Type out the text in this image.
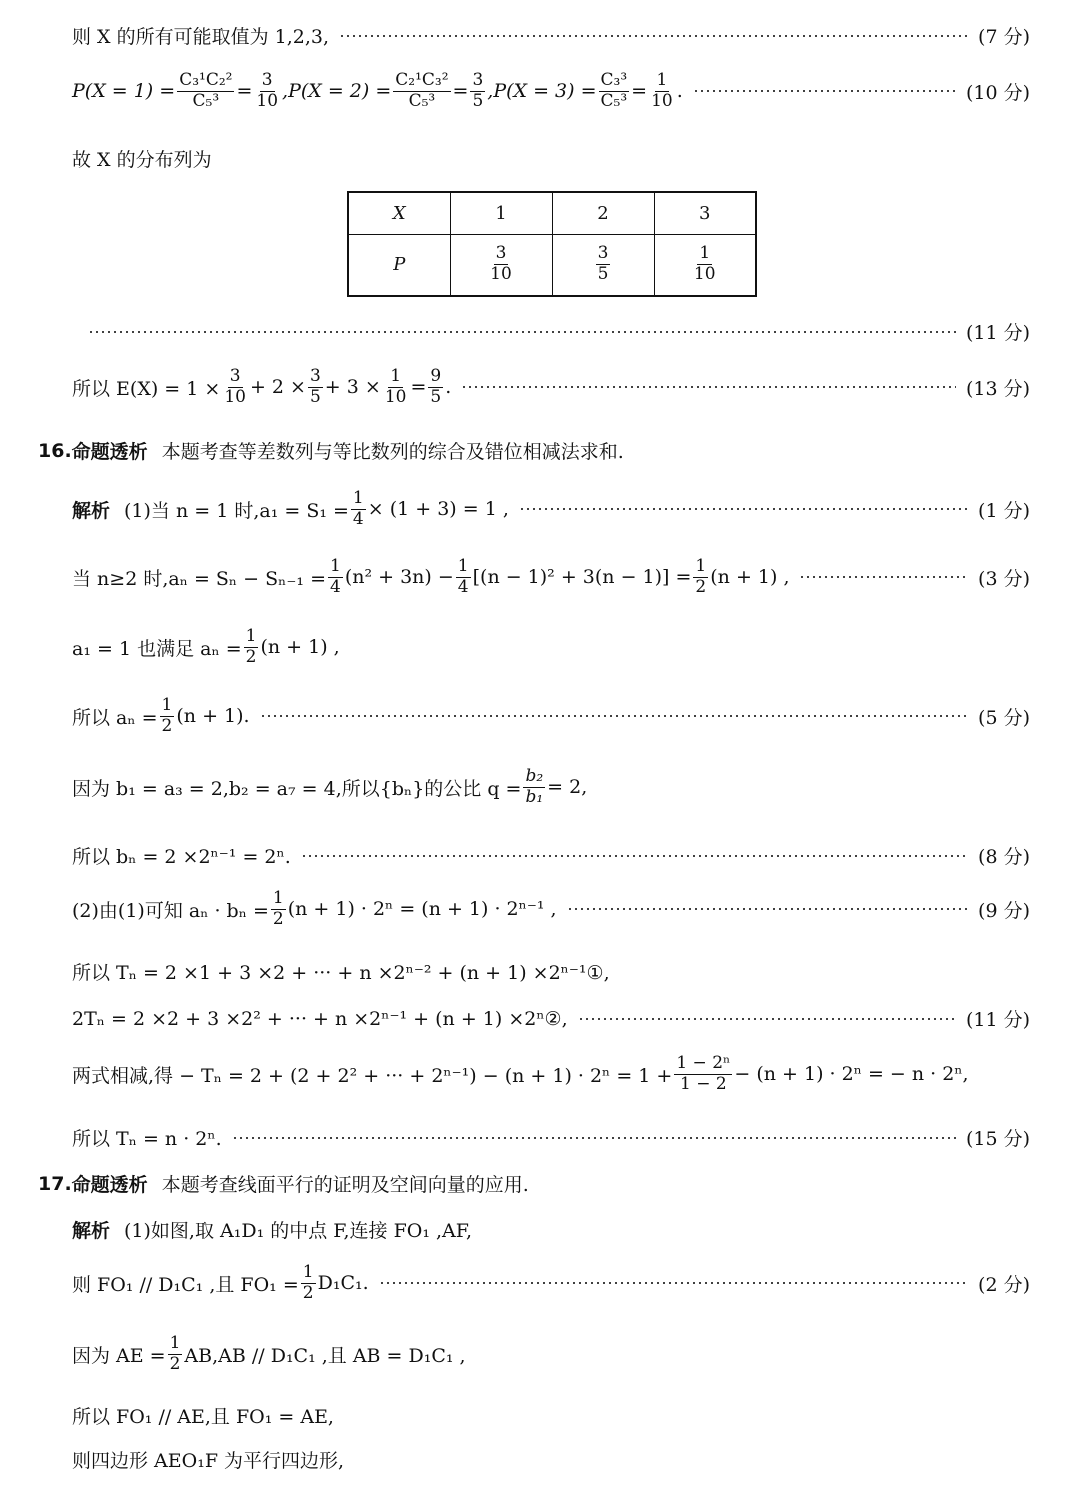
则 X 的所有可能取值为 1,2,3,	(7 分)
$P(X = 1) = \frac{\text{C₃¹C₂²}}{\text{C₅³}} = \frac{3}{10} ,P(X = 2) = \frac{\text{C₂¹C₃²}}{\text{C₅³}} = \frac{3}{5} ,P(X = 3) = \frac{\text{C₃³}}{\text{C₅³}} = \frac{1}{10}$ .	(10 分)
故 X 的分布列为
X	1	2	3
P	$\frac{3}{10}$	$\frac{3}{5}$	$\frac{1}{10}$
(11 分)
所以 $E(X) = 1 \times \frac{3}{10} + 2 \times \frac{3}{5} + 3 \times \frac{1}{10} = \frac{9}{5}$ .	(13 分)
16. 命题透析 本题考查等差数列与等比数列的综合及错位相减法求和.
解析 (1)当 n = 1 时$,a_1 = S_1 = \frac{1}{4} \times (1 + 3) = 1$ ,	(1 分)
当 n≥2 时$,a_n = S_n - S_{n-1} = \frac{1}{4} (n^2 + 3n) - \frac{1}{4} [(n - 1)^2 + 3(n - 1)] = \frac{1}{2} (n + 1)$ ,	(3 分)
a₁ = 1 也满足 $a_n = \frac{1}{2} (n + 1)$ ,
所以 $a_n = \frac{1}{2} (n + 1)$.	(5 分)
因为 b₁ = a₃ = 2,b₂ = a₇ = 4,所以{bₙ}的公比 $q = \frac{\text{b₂}}{\text{b₁}} = 2$,
所以 bₙ = 2 ×2ⁿ⁻¹ = 2ⁿ.	(8 分)
(2)由(1)可知 $a_n \cdot b_n = \frac{1}{2} (n + 1) \cdot 2^n = (n + 1) \cdot 2^{n-1}$ ,	(9 分)
所以 Tₙ = 2 ×1 + 3 ×2 + ··· + n ×2ⁿ⁻² + (n + 1) ×2ⁿ⁻¹①,
2Tₙ = 2 ×2 + 3 ×2² + ··· + n ×2ⁿ⁻¹ + (n + 1) ×2ⁿ②,	(11 分)
两式相减,得 − Tₙ = 2 + (2 + 2² + ··· + $2^{n-1}) - (n + 1) \cdot 2^n = 1 + \frac{\text{1 − 2ⁿ}}{1 - 2} - (n + 1) \cdot 2^n$ = − n · 2ⁿ,
所以 Tₙ = n · 2ⁿ.	(15 分)
17. 命题透析 本题考查线面平行的证明及空间向量的应用.
解析 (1)如图,取 A₁D₁ 的中点 F,连接 FO₁ ,AF,
则 FO₁ // D₁C₁ ,且 $FO_1 = \frac{1}{2} D_1C_1$.	(2 分)
因为 AE = $\frac{1}{2} AB,AB // D_1C_1$ ,且 AB = D₁C₁ ,
所以 FO₁ // AE,且 FO₁ = AE,
则四边形 AEO₁F 为平行四边形,
